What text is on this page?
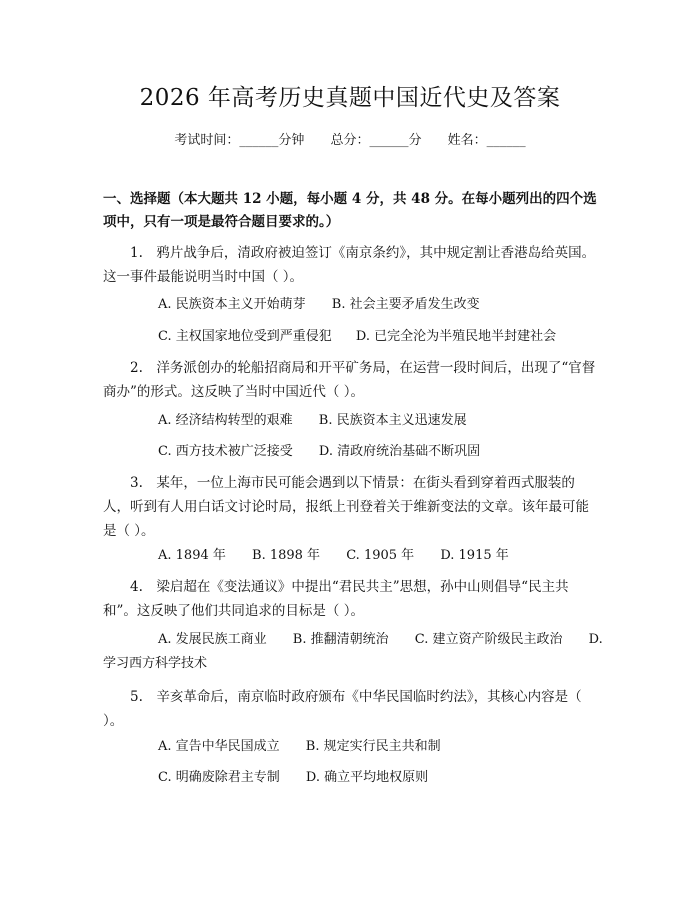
2026 年高考历史真题中国近代史及答案
考试时间：______分钟 总分：______分 姓名：______
一、选择题（本大题共 12 小题，每小题 4 分，共 48 分。在每小题列出的四个选项中，只有一项是最符合题目要求的。）
1.　鸦片战争后，清政府被迫签订《南京条约》，其中规定割让香港岛给英国。这一事件最能说明当时中国（ ）。
A. 民族资本主义开始萌芽 B. 社会主要矛盾发生改变
C. 主权国家地位受到严重侵犯 D. 已完全沦为半殖民地半封建社会
2.　洋务派创办的轮船招商局和开平矿务局，在运营一段时间后，出现了“官督商办”的形式。这反映了当时中国近代（ ）。
A. 经济结构转型的艰难 B. 民族资本主义迅速发展
C. 西方技术被广泛接受 D. 清政府统治基础不断巩固
3.　某年，一位上海市民可能会遇到以下情景：在街头看到穿着西式服装的人，听到有人用白话文讨论时局，报纸上刊登着关于维新变法的文章。该年最可能是（ ）。
A. 1894 年 B. 1898 年 C. 1905 年 D. 1915 年
4.　梁启超在《变法通议》中提出“君民共主”思想，孙中山则倡导“民主共和”。这反映了他们共同追求的目标是（ ）。
A. 发展民族工商业 B. 推翻清朝统治 C. 建立资产阶级民主政治 D. 学习西方科学技术
5.　辛亥革命后，南京临时政府颁布《中华民国临时约法》，其核心内容是（ ）。
A. 宣告中华民国成立 B. 规定实行民主共和制
C. 明确废除君主专制 D. 确立平均地权原则
